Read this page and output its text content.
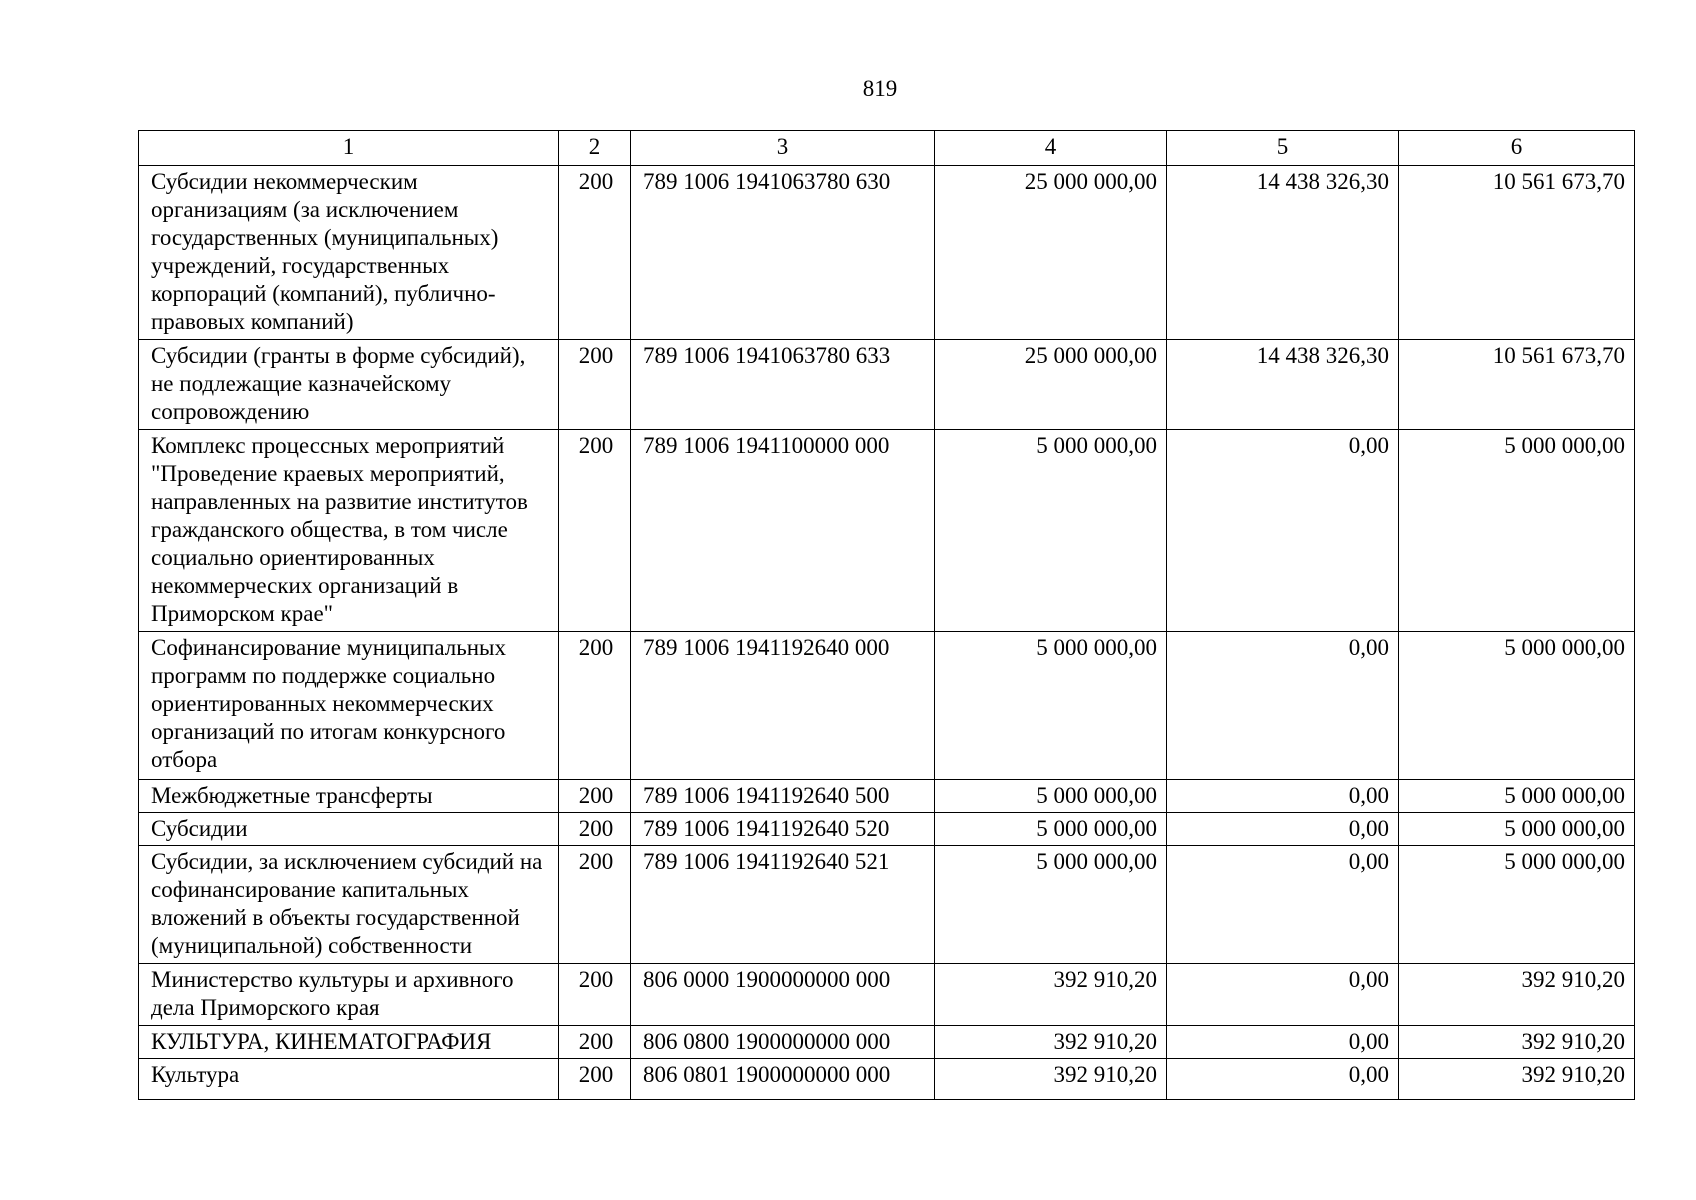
819
1	2	3	4	5	6
Субсидии некоммерческим организациям (за исключением государственных (муниципальных) учреждений, государственных корпораций (компаний), публично-правовых компаний)	200	789 1006 1941063780 630	25 000 000,00	14 438 326,30	10 561 673,70
Субсидии (гранты в форме субсидий), не подлежащие казначейскому сопровождению	200	789 1006 1941063780 633	25 000 000,00	14 438 326,30	10 561 673,70
Комплекс процессных мероприятий "Проведение краевых мероприятий, направленных на развитие институтов гражданского общества, в том числе социально ориентированных некоммерческих организаций в Приморском крае"	200	789 1006 1941100000 000	5 000 000,00	0,00	5 000 000,00
Софинансирование муниципальных программ по поддержке социально ориентированных некоммерческих организаций по итогам конкурсного отбора	200	789 1006 1941192640 000	5 000 000,00	0,00	5 000 000,00
Межбюджетные трансферты	200	789 1006 1941192640 500	5 000 000,00	0,00	5 000 000,00
Субсидии	200	789 1006 1941192640 520	5 000 000,00	0,00	5 000 000,00
Субсидии, за исключением субсидий на софинансирование капитальных вложений в объекты государственной (муниципальной) собственности	200	789 1006 1941192640 521	5 000 000,00	0,00	5 000 000,00
Министерство культуры и архивного дела Приморского края	200	806 0000 1900000000 000	392 910,20	0,00	392 910,20
КУЛЬТУРА, КИНЕМАТОГРАФИЯ	200	806 0800 1900000000 000	392 910,20	0,00	392 910,20
Культура	200	806 0801 1900000000 000	392 910,20	0,00	392 910,20
